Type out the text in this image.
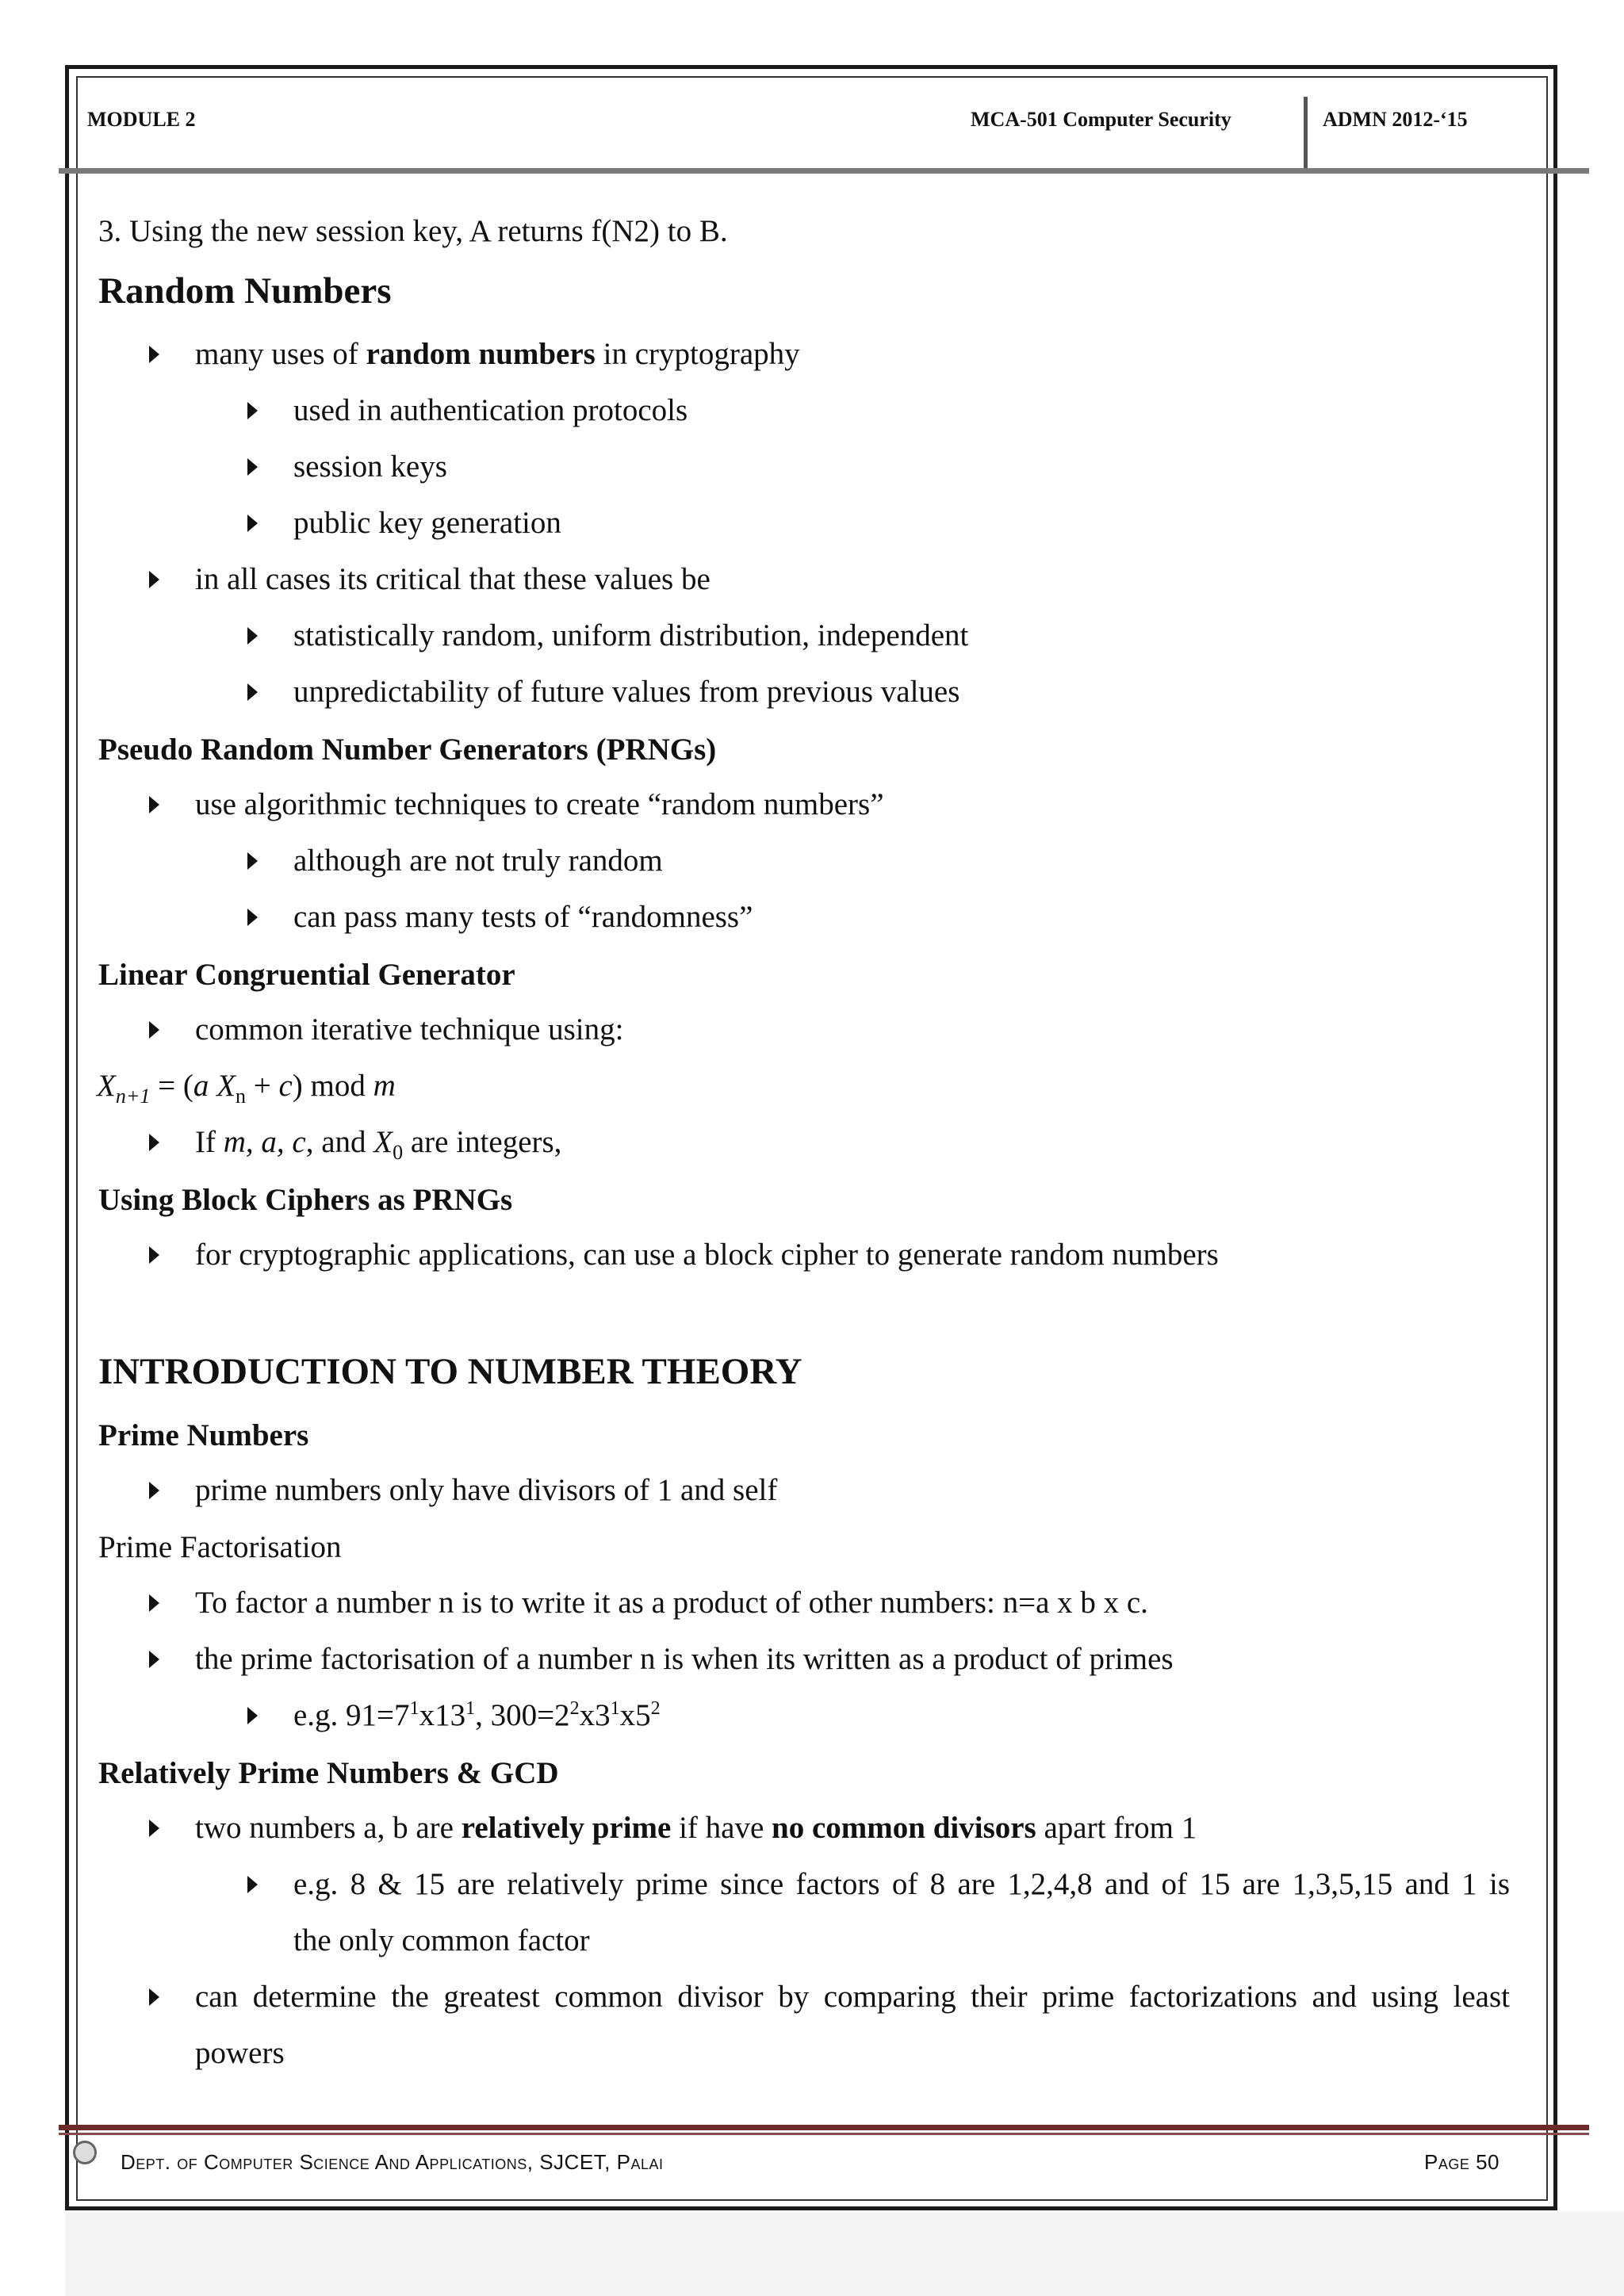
MODULE 2	MCA-501 Computer Security	ADMN 2012-‘15
3. Using the new session key, A returns f(N2) to B.
Random Numbers
many uses of random numbers in cryptography
used in authentication protocols
session keys
public key generation
in all cases its critical that these values be
statistically random, uniform distribution, independent
unpredictability of future values from previous values
Pseudo Random Number Generators (PRNGs)
use algorithmic techniques to create “random numbers”
although are not truly random
can pass many tests of “randomness”
Linear Congruential Generator
common iterative technique using:
$X_{n+1} = (a$ $X_n + c$) mod m
If m, a, c, and $X_0$ are integers,
Using Block Ciphers as PRNGs
for cryptographic applications, can use a block cipher to generate random numbers
INTRODUCTION TO NUMBER THEORY
Prime Numbers
prime numbers only have divisors of 1 and self
Prime Factorisation
To factor a number n is to write it as a product of other numbers: n=a x b x c.
the prime factorisation of a number n is when its written as a product of primes
e.g. $91=7^1x13^1$, $300=2^2x3^1x5^2$
Relatively Prime Numbers & GCD
two numbers a, b are relatively prime if have no common divisors apart from 1
e.g. 8 & 15 are relatively prime since factors of 8 are 1,2,4,8 and of 15 are 1,3,5,15 and 1 is
the only common factor
can determine the greatest common divisor by comparing their prime factorizations and using least
powers
Dept. of Computer Science And Applications, SJCET, Palai	Page 50
